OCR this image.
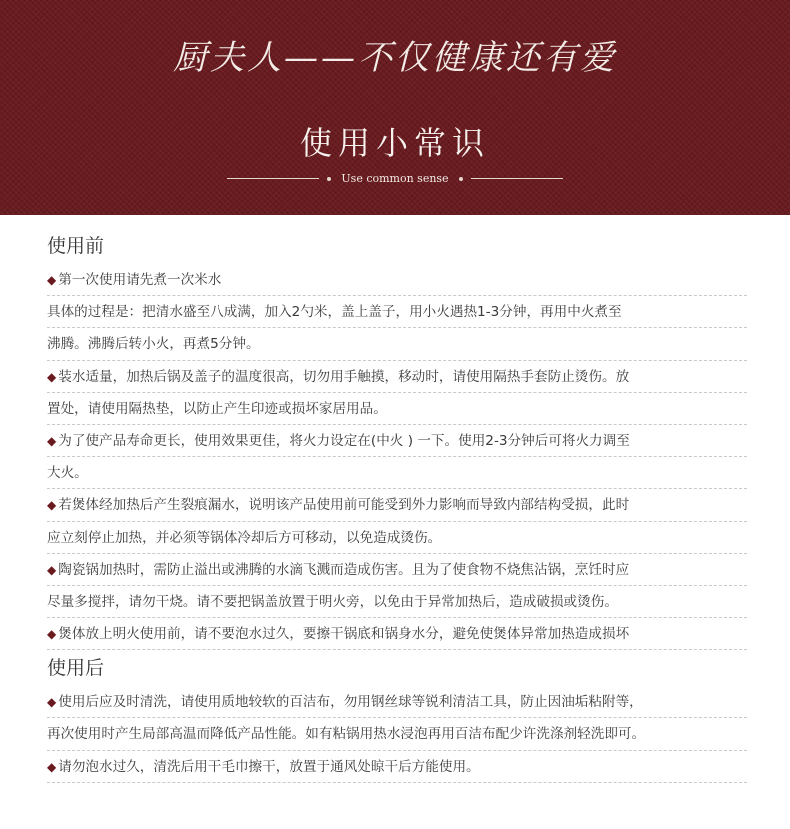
厨夫人——不仅健康还有爱
使用小常识
Use common sense
使用前
◆ 第一次使用请先煮一次米水
具体的过程是：把清水盛至八成满，加入2勺米，盖上盖子，用小火遇热1-3分钟，再用中火煮至
沸腾。沸腾后转小火，再煮5分钟。
◆ 装水适量，加热后锅及盖子的温度很高，切勿用手触摸，移动时，请使用隔热手套防止烫伤。放
置处，请使用隔热垫，以防止产生印迹或损坏家居用品。
◆ 为了使产品寿命更长，使用效果更佳，将火力设定在(中火 ) 一下。使用2-3分钟后可将火力调至
大火。
◆ 若煲体经加热后产生裂痕漏水，说明该产品使用前可能受到外力影响而导致内部结构受损，此时
应立刻停止加热，并必须等锅体冷却后方可移动，以免造成烫伤。
◆ 陶瓷锅加热时，需防止溢出或沸腾的水滴飞溅而造成伤害。且为了使食物不烧焦沾锅，烹饪时应
尽量多搅拌，请勿干烧。请不要把锅盖放置于明火旁，以免由于异常加热后，造成破损或烫伤。
◆ 煲体放上明火使用前，请不要泡水过久，要擦干锅底和锅身水分，避免使煲体异常加热造成损坏
使用后
◆ 使用后应及时清洗，请使用质地较软的百洁布，勿用钢丝球等锐利清洁工具，防止因油垢粘附等，
再次使用时产生局部高温而降低产品性能。如有粘锅用热水浸泡再用百洁布配少许洗涤剂轻洗即可。
◆ 请勿泡水过久，清洗后用干毛巾擦干，放置于通风处晾干后方能使用。
